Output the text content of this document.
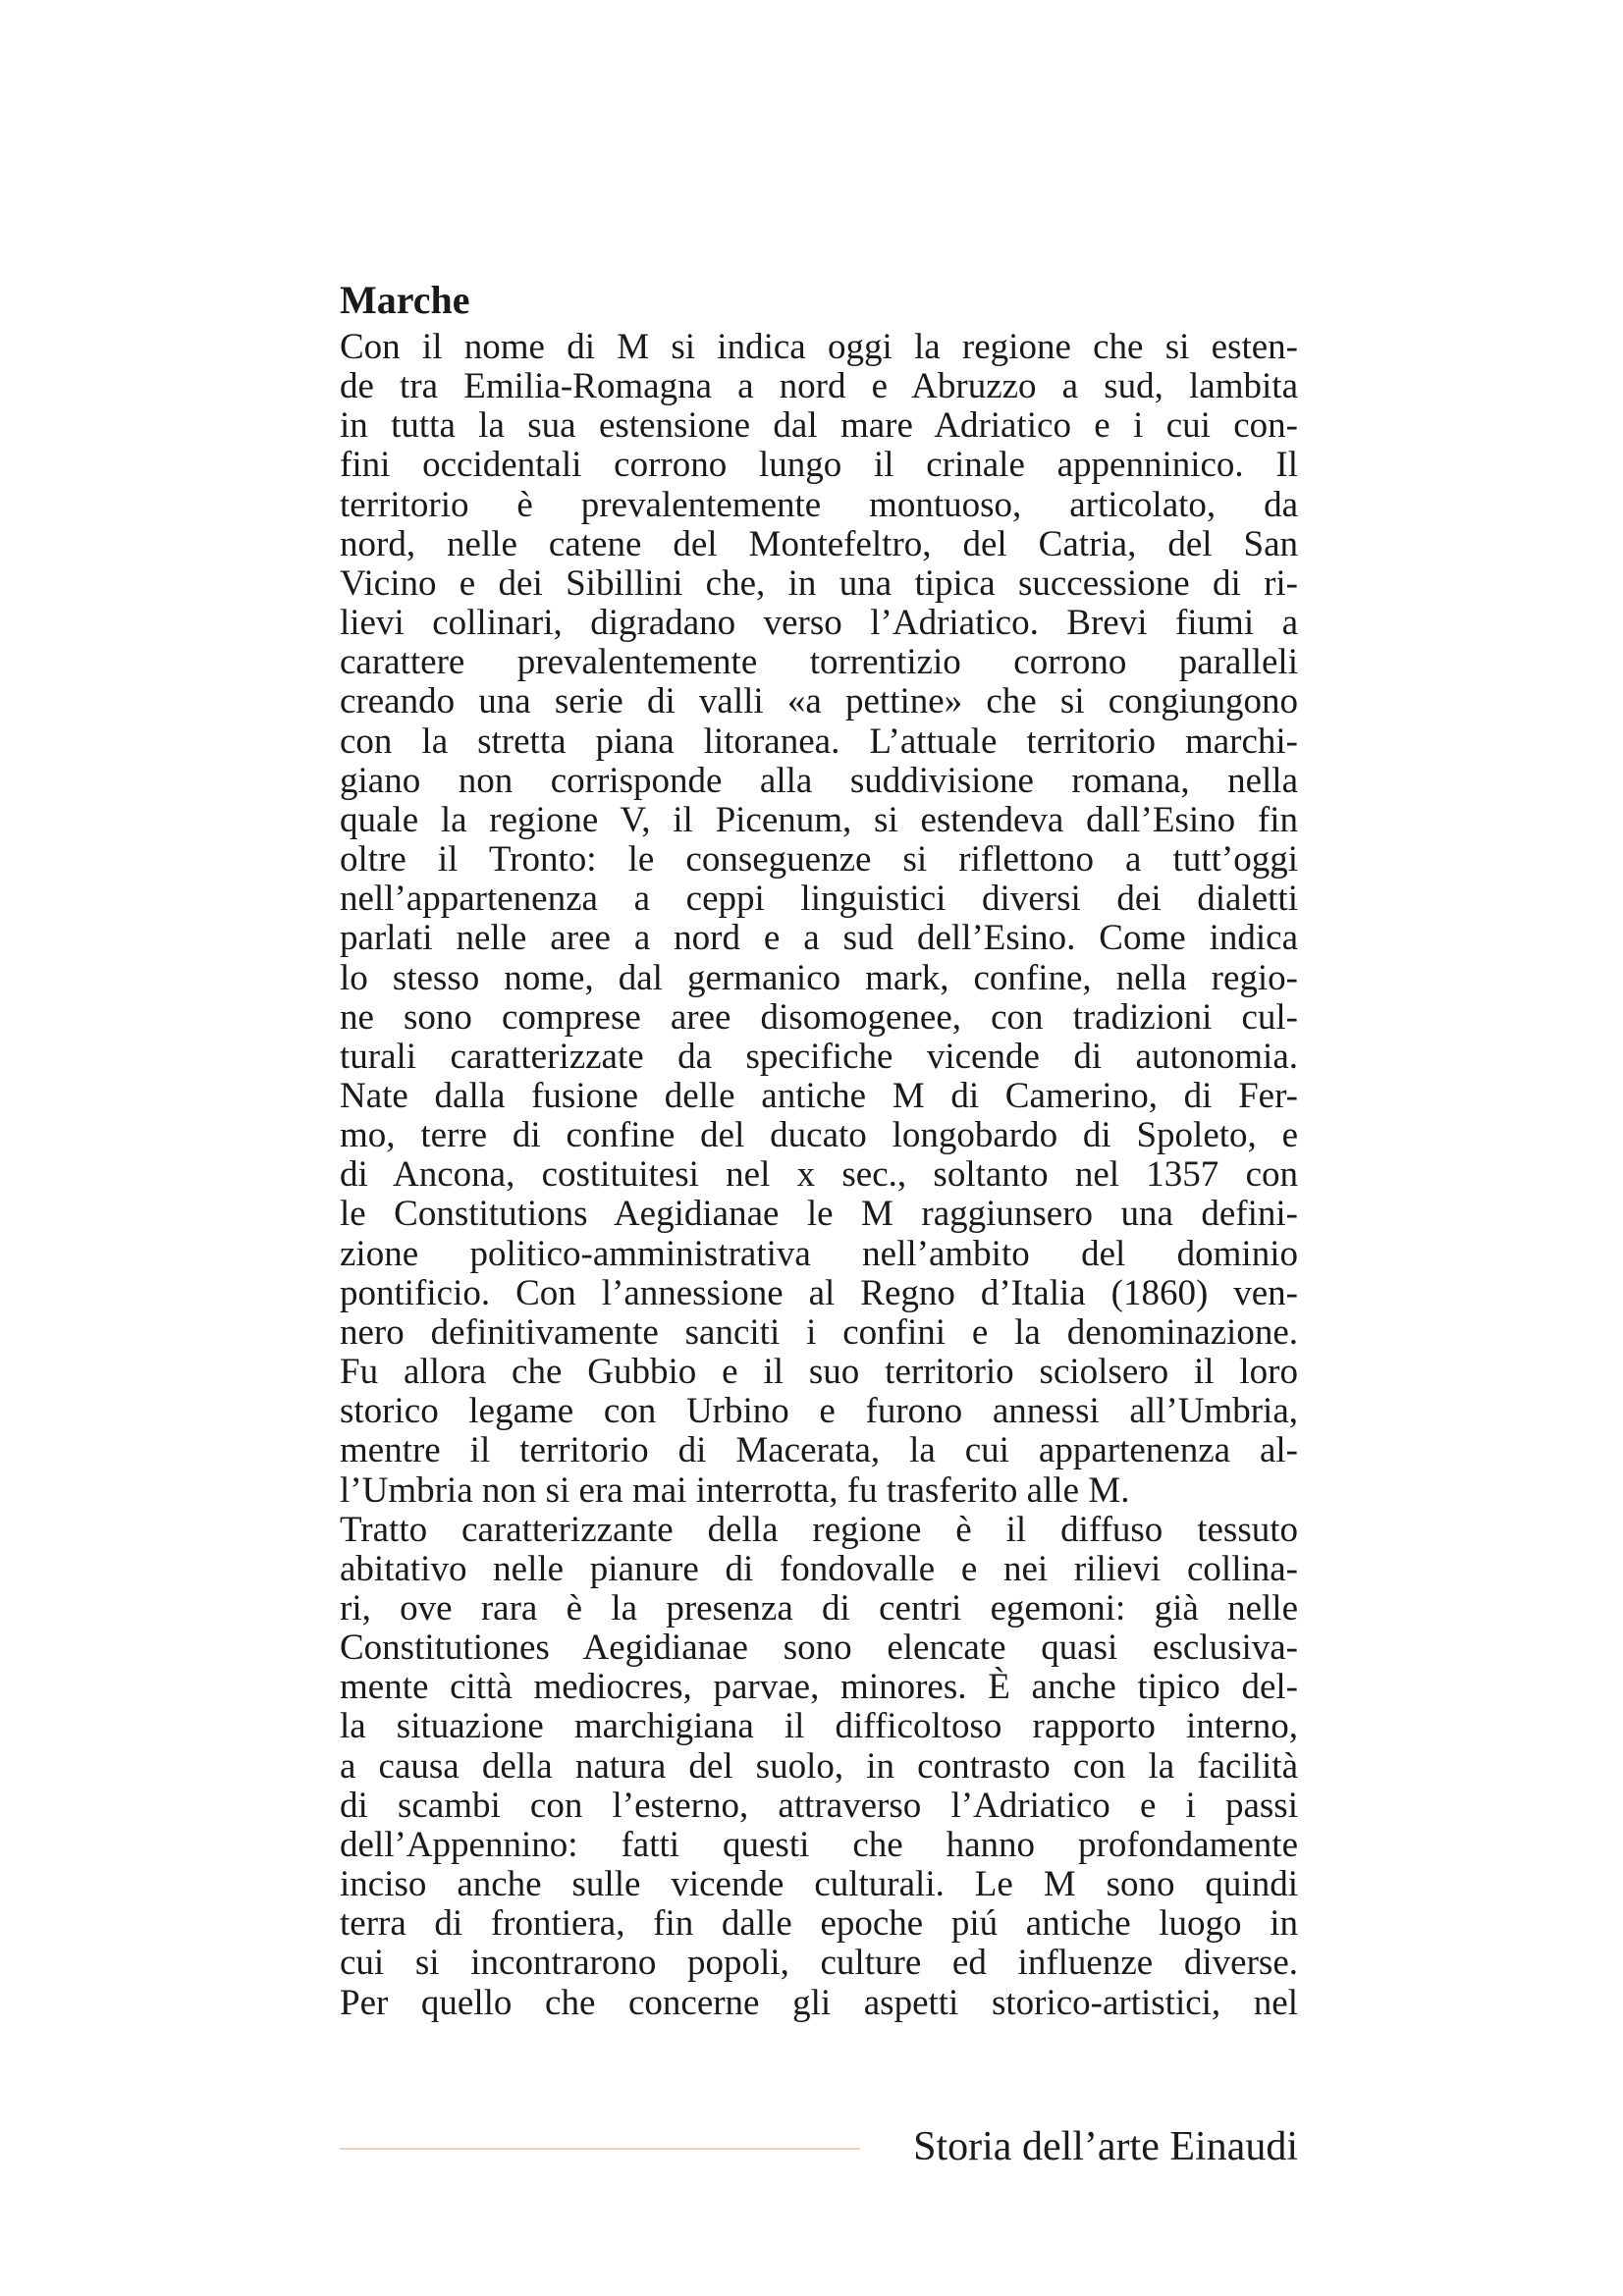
Marche
Con il nome di M si indica oggi la regione che si esten-
de tra Emilia-Romagna a nord e Abruzzo a sud, lambita
in tutta la sua estensione dal mare Adriatico e i cui con-
fini occidentali corrono lungo il crinale appenninico. Il
territorio è prevalentemente montuoso, articolato, da
nord, nelle catene del Montefeltro, del Catria, del San
Vicino e dei Sibillini che, in una tipica successione di ri-
lievi collinari, digradano verso l’Adriatico. Brevi fiumi a
carattere prevalentemente torrentizio corrono paralleli
creando una serie di valli «a pettine» che si congiungono
con la stretta piana litoranea. L’attuale territorio marchi-
giano non corrisponde alla suddivisione romana, nella
quale la regione V, il Picenum, si estendeva dall’Esino fin
oltre il Tronto: le conseguenze si riflettono a tutt’oggi
nell’appartenenza a ceppi linguistici diversi dei dialetti
parlati nelle aree a nord e a sud dell’Esino. Come indica
lo stesso nome, dal germanico mark, confine, nella regio-
ne sono comprese aree disomogenee, con tradizioni cul-
turali caratterizzate da specifiche vicende di autonomia.
Nate dalla fusione delle antiche M di Camerino, di Fer-
mo, terre di confine del ducato longobardo di Spoleto, e
di Ancona, costituitesi nel x sec., soltanto nel 1357 con
le Constitutions Aegidianae le M raggiunsero una defini-
zione politico-amministrativa nell’ambito del dominio
pontificio. Con l’annessione al Regno d’Italia (1860) ven-
nero definitivamente sanciti i confini e la denominazione.
Fu allora che Gubbio e il suo territorio sciolsero il loro
storico legame con Urbino e furono annessi all’Umbria,
mentre il territorio di Macerata, la cui appartenenza al-
l’Umbria non si era mai interrotta, fu trasferito alle M.
Tratto caratterizzante della regione è il diffuso tessuto
abitativo nelle pianure di fondovalle e nei rilievi collina-
ri, ove rara è la presenza di centri egemoni: già nelle
Constitutiones Aegidianae sono elencate quasi esclusiva-
mente città mediocres, parvae, minores. È anche tipico del-
la situazione marchigiana il difficoltoso rapporto interno,
a causa della natura del suolo, in contrasto con la facilità
di scambi con l’esterno, attraverso l’Adriatico e i passi
dell’Appennino: fatti questi che hanno profondamente
inciso anche sulle vicende culturali. Le M sono quindi
terra di frontiera, fin dalle epoche piú antiche luogo in
cui si incontrarono popoli, culture ed influenze diverse.
Per quello che concerne gli aspetti storico-artistici, nel
Storia dell’arte Einaudi
